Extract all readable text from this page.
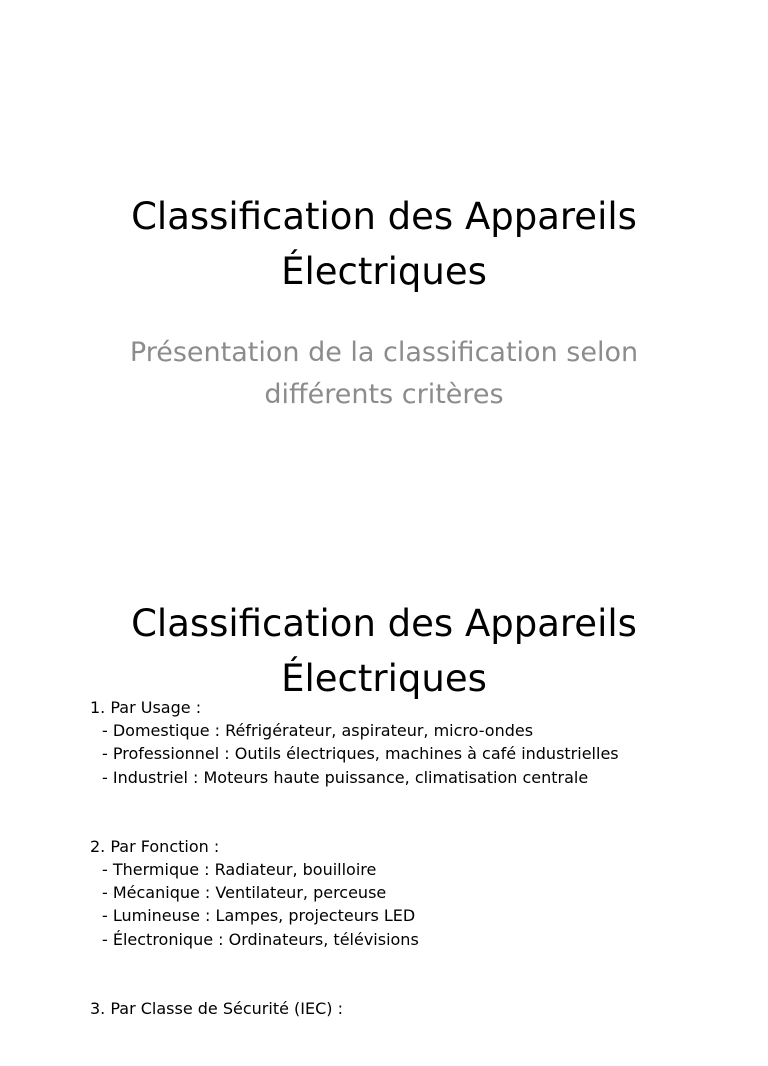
Classification des Appareils
Électriques

Présentation de la classification selon
différents critères

Classification des Appareils
Électriques
1. Par Usage :
- Domestique : Réfrigérateur, aspirateur, micro-ondes
- Professionnel : Outils électriques, machines à café industrielles
- Industriel : Moteurs haute puissance, climatisation centrale
2. Par Fonction :
- Thermique : Radiateur, bouilloire
- Mécanique : Ventilateur, perceuse
- Lumineuse : Lampes, projecteurs LED
- Électronique : Ordinateurs, télévisions
3. Par Classe de Sécurité (IEC) :
